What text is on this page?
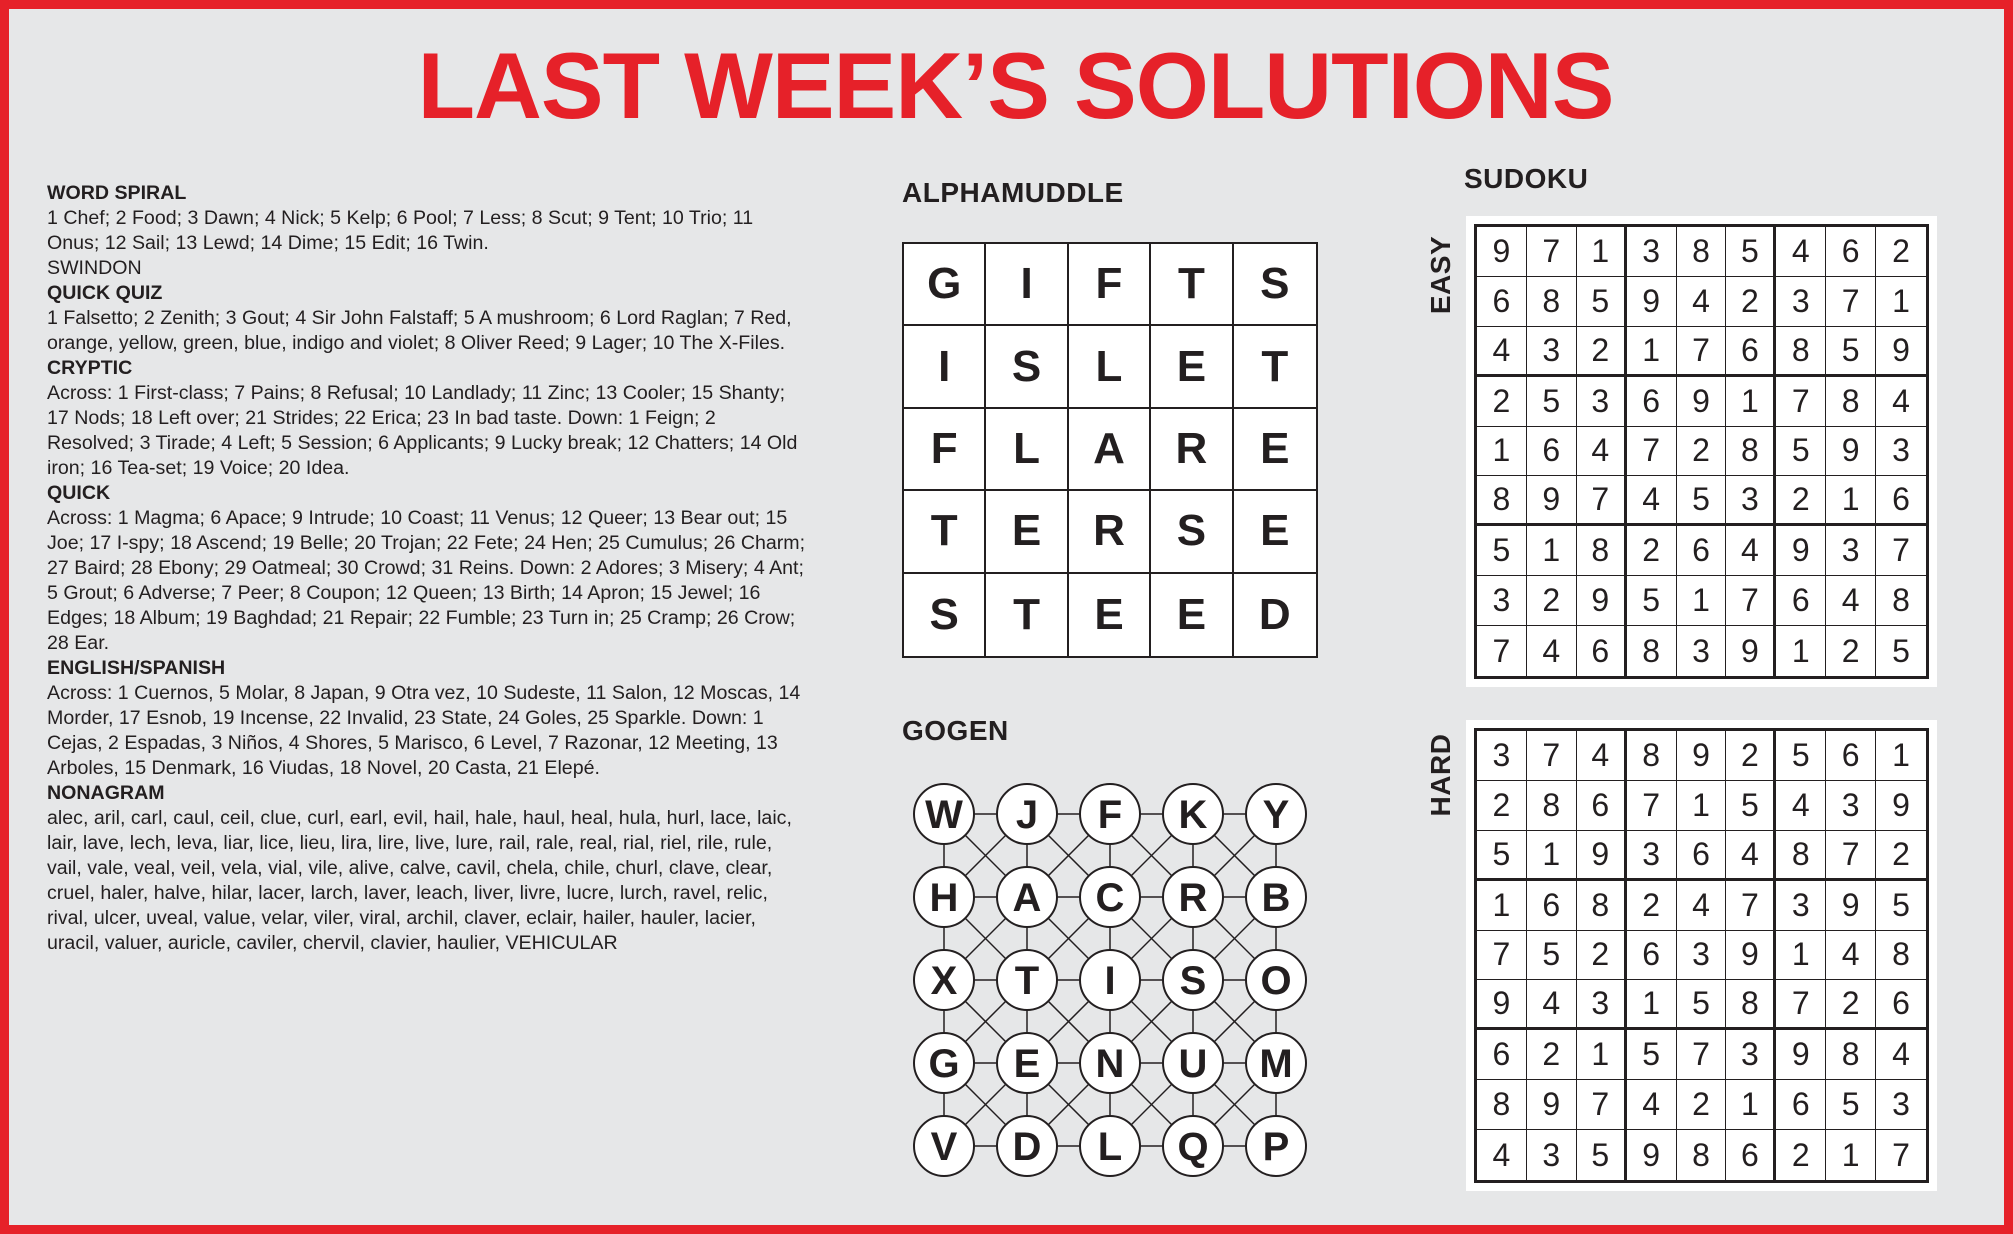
LAST WEEK’S SOLUTIONS
WORD SPIRAL
1 Chef; 2 Food; 3 Dawn; 4 Nick; 5 Kelp; 6 Pool; 7 Less; 8 Scut; 9 Tent; 10 Trio; 11 Onus; 12 Sail; 13 Lewd; 14 Dime; 15 Edit; 16 Twin.
SWINDON
QUICK QUIZ
1 Falsetto; 2 Zenith; 3 Gout; 4 Sir John Falstaff; 5 A mushroom; 6 Lord Raglan; 7 Red, orange, yellow, green, blue, indigo and violet; 8 Oliver Reed; 9 Lager; 10 The X-Files.
CRYPTIC
Across: 1 First-class; 7 Pains; 8 Refusal; 10 Landlady; 11 Zinc; 13 Cooler; 15 Shanty; 17 Nods; 18 Left over; 21 Strides; 22 Erica; 23 In bad taste. Down: 1 Feign; 2 Resolved; 3 Tirade; 4 Left; 5 Session; 6 Applicants; 9 Lucky break; 12 Chatters; 14 Old iron; 16 Tea-set; 19 Voice; 20 Idea.
QUICK
Across: 1 Magma; 6 Apace; 9 Intrude; 10 Coast; 11 Venus; 12 Queer; 13 Bear out; 15 Joe; 17 I-spy; 18 Ascend; 19 Belle; 20 Trojan; 22 Fete; 24 Hen; 25 Cumulus; 26 Charm; 27 Baird; 28 Ebony; 29 Oatmeal; 30 Crowd; 31 Reins. Down: 2 Adores; 3 Misery; 4 Ant; 5 Grout; 6 Adverse; 7 Peer; 8 Coupon; 12 Queen; 13 Birth; 14 Apron; 15 Jewel; 16 Edges; 18 Album; 19 Baghdad; 21 Repair; 22 Fumble; 23 Turn in; 25 Cramp; 26 Crow; 28 Ear.
ENGLISH/SPANISH
Across: 1 Cuernos, 5 Molar, 8 Japan, 9 Otra vez, 10 Sudeste, 11 Salon, 12 Moscas, 14 Morder, 17 Esnob, 19 Incense, 22 Invalid, 23 State, 24 Goles, 25 Sparkle. Down: 1 Cejas, 2 Espadas, 3 Niños, 4 Shores, 5 Marisco, 6 Level, 7 Razonar, 12 Meeting, 13 Arboles, 15 Denmark, 16 Viudas, 18 Novel, 20 Casta, 21 Elepé.
NONAGRAM
alec, aril, carl, caul, ceil, clue, curl, earl, evil, hail, hale, haul, heal, hula, hurl, lace, laic, lair, lave, lech, leva, liar, lice, lieu, lira, lire, live, lure, rail, rale, real, rial, riel, rile, rule, vail, vale, veal, veil, vela, vial, vile, alive, calve, cavil, chela, chile, churl, clave, clear, cruel, haler, halve, hilar, lacer, larch, laver, leach, liver, livre, lucre, lurch, ravel, relic, rival, ulcer, uveal, value, velar, viler, viral, archil, claver, eclair, hailer, hauler, lacier, uracil, valuer, auricle, caviler, chervil, clavier, haulier, VEHICULAR
ALPHAMUDDLE
G	I	F	T	S
I	S	L	E	T
F	L	A	R	E
T	E	R	S	E
S	T	E	E	D
GOGEN
W J F K Y
H A C R B
X T I S O
G E N U M
V D L Q P
SUDOKU
EASY	9	7 1	3	8 5	4	6	2
6	8 5	9	4 2	3	7	1
4	3 2	1	7 6	8	5	9
2	5 3	6	9 1	7	8	4
1	6 4	7	2 8	5	9	3
8	9 7	4	5 3	2	1	6
5	1 8	2	6 4	9	3	7
3	2 9	5	1 7	6	4	8
7	4 6	8	3 9	1	2	5
HARD	3	7 4	8	9 2	5	6	1
2	8 6	7	1 5	4	3	9
5	1 9	3	6 4	8	7	2
1	6 8	2	4 7	3	9	5
7	5 2	6	3 9	1	4	8
9	4 3	1	5 8	7	2	6
6	2 1	5	7 3	9	8	4
8	9 7	4	2 1	6	5	3
4	3 5	9	8 6	2	1	7
